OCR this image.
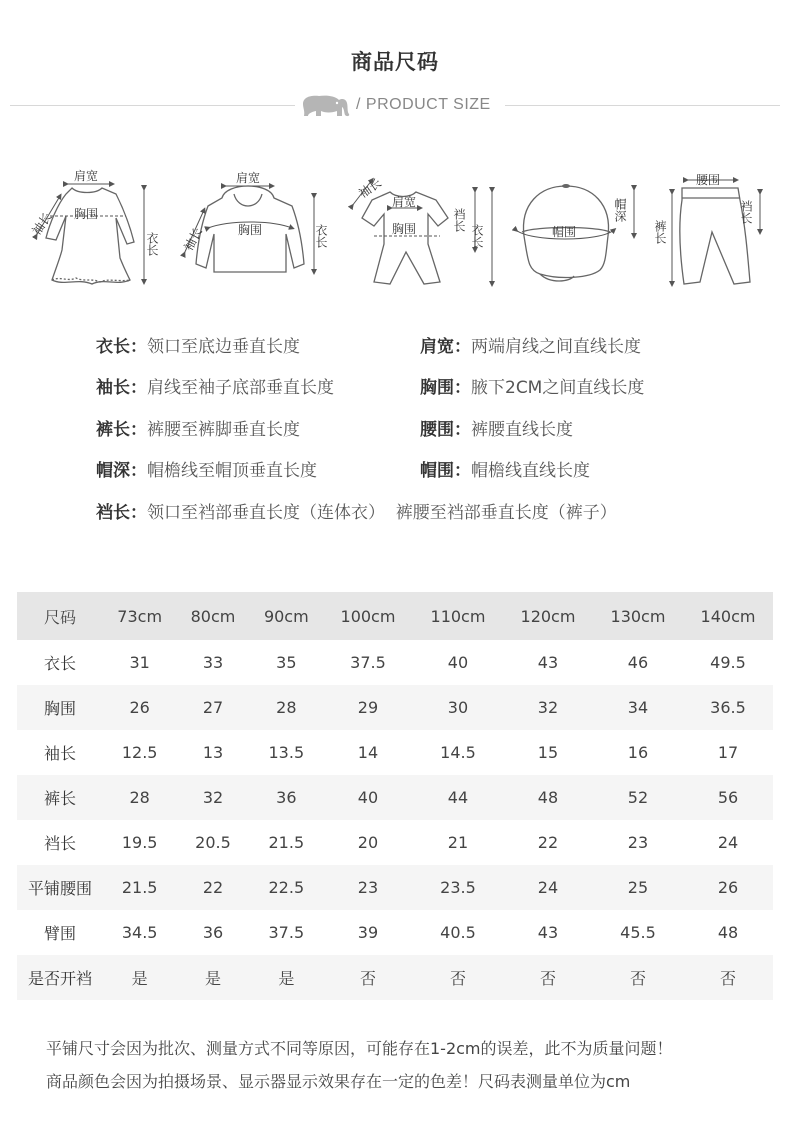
商品尺码
/ PRODUCT SIZE
肩宽
胸围
衣长
袖长
肩宽
胸围	衣长
袖长
袖长
肩宽
胸围	裆长
衣长	帽围
帽深
腰围
裤长
裆长
衣长：领口至底边垂直长度	肩宽：两端肩线之间直线长度
袖长：肩线至袖子底部垂直长度	胸围：腋下2CM之间直线长度
裤长：裤腰至裤脚垂直长度	腰围：裤腰直线长度
帽深：帽檐线至帽顶垂直长度	帽围：帽檐线直线长度
裆长：领口至裆部垂直长度（连体衣）  裤腰至裆部垂直长度（裤子）
尺码	73cm	80cm	90cm	100cm	110cm	120cm	130cm	140cm
衣长	31	33	35	37.5	40	43	46	49.5
胸围	26	27	28	29	30	32	34	36.5
袖长	12.5	13	13.5	14	14.5	15	16	17
裤长	28	32	36	40	44	48	52	56
裆长	19.5	20.5	21.5	20	21	22	23	24
平铺腰围	21.5	22	22.5	23	23.5	24	25	26
臂围	34.5	36	37.5	39	40.5	43	45.5	48
是否开裆	是	是	是	否	否	否	否	否
平铺尺寸会因为批次、测量方式不同等原因，可能存在1-2cm的误差，此不为质量问题！
商品颜色会因为拍摄场景、显示器显示效果存在一定的色差！尺码表测量单位为cm
